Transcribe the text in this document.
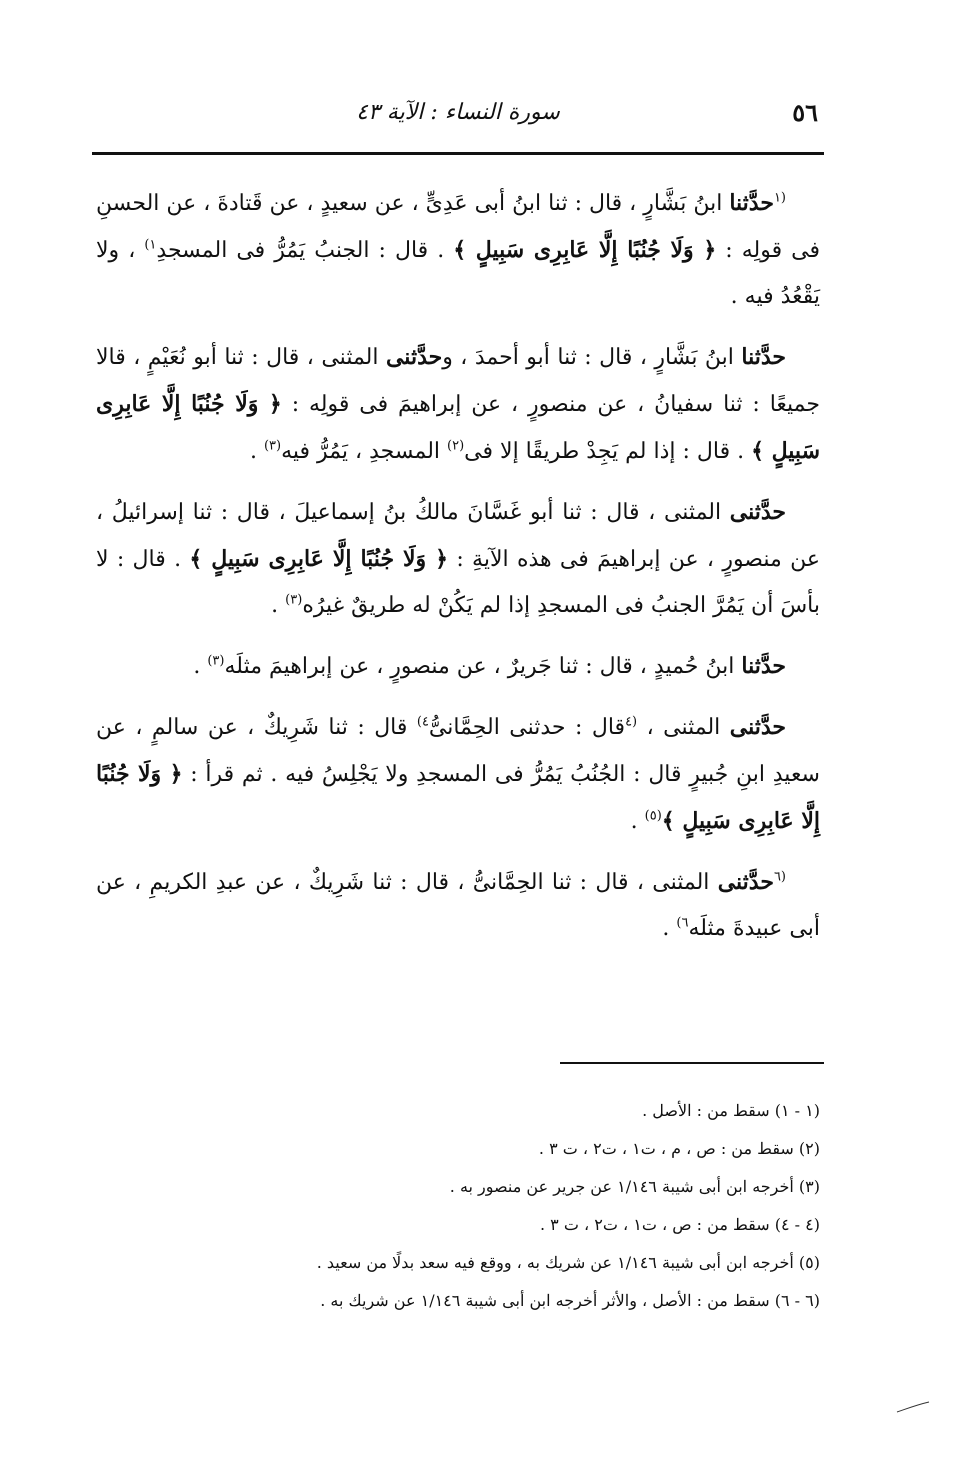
٥٦
سورة النساء : الآية ٤٣

$^{(١}$حدَّثنا ابنُ بَشَّارٍ ، قال : ثنا ابنُ أبى عَدِىٍّ ، عن سعيدٍ ، عن قَتادةَ ، عن الحسنِ فى قولِه : ﴿ وَلَا جُنُبًا إِلَّا عَابِرِى سَبِيلٍ ﴾ . قال : الجنبُ يَمُرُّ فى المسجدِ$^{١)}$ ، ولا يَقْعُدُ فيه .

حدَّثنا ابنُ بَشَّارٍ ، قال : ثنا أبو أحمدَ ، وحدَّثنى المثنى ، قال : ثنا أبو نُعَيْمٍ ، قالا جميعًا : ثنا سفيانُ ، عن منصورٍ ، عن إبراهيمَ فى قولِه : ﴿ وَلَا جُنُبًا إِلَّا عَابِرِى سَبِيلٍ ﴾ . قال : إذا لم يَجِدْ طريقًا إلا فى$^{(٢)}$ المسجدِ ، يَمُرُّ فيه$^{(٣)}$ .

حدَّثنى المثنى ، قال : ثنا أبو غَسَّانَ مالكُ بنُ إسماعيلَ ، قال : ثنا إسرائيلُ ، عن منصورٍ ، عن إبراهيمَ فى هذه الآيةِ : ﴿ وَلَا جُنُبًا إِلَّا عَابِرِى سَبِيلٍ ﴾ . قال : لا بأسَ أن يَمُرَّ الجنبُ فى المسجدِ إذا لم يَكُنْ له طريقٌ غيرُه$^{(٣)}$ .

حدَّثنا ابنُ حُميدٍ ، قال : ثنا جَريرٌ ، عن منصورٍ ، عن إبراهيمَ مثلَه$^{(٣)}$ .

حدَّثنى المثنى ، $^{(٤}$قال : حدثنى الحِمَّانىُّ$^{٤)}$ قال : ثنا شَرِيكٌ ، عن سالمٍ ، عن سعيدِ ابنِ جُبيرٍ قال : الجُنُبُ يَمُرُّ فى المسجدِ ولا يَجْلِسُ فيه . ثم قرأ : ﴿ وَلَا جُنُبًا إِلَّا عَابِرِى سَبِيلٍ ﴾$^{(٥)}$ .

$^{(٦}$حدَّثنى المثنى ، قال : ثنا الحِمَّانىُّ ، قال : ثنا شَرِيكٌ ، عن عبدِ الكريمِ ، عن أبى عبيدةَ مثلَه$^{٦)}$ .

(١ - ١) سقط من : الأصل .

(٢) سقط من : ص ، م ، ت١ ، ت٢ ، ت ٣ .

(٣) أخرجه ابن أبى شيبة ١/١٤٦ عن جرير عن منصور به .

(٤ - ٤) سقط من : ص ، ت١ ، ت٢ ، ت ٣ .

(٥) أخرجه ابن أبى شيبة ١/١٤٦ عن شريك به ، ووقع فيه سعد بدلًا من سعيد .

(٦ - ٦) سقط من : الأصل ، والأثر أخرجه ابن أبى شيبة ١/١٤٦ عن شريك به .
